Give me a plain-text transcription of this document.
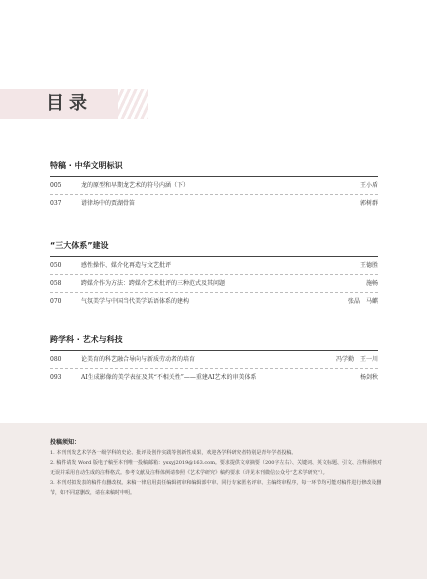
目录
特稿 · 中华文明标识
005	龙的原型和早期龙艺术的符号内涵（下）	王小盾
037	谱律场中的贾湖骨笛	郭树群
“三大体系”建设
050	感性操作、媒介化再造与文艺批评	王德胜
058	跨媒介作为方法：跨媒介艺术批评的三种范式及其问题	施畅
070	气氛美学与中国当代美学话语体系的建构	张晶　马麒
跨学科 · 艺术与科技
080	论美育的科艺融合导向与新质劳动者的培育	冯学勤　王一川
093	AI生成影像的美学表征及其“不相关性”——重建AI艺术的审美体系	杨剑秋
投稿须知：

1. 本刊刊发艺术学各一级学科的史论、批评及创作实践等创新性成果，欢迎各学科研究者特别是青年学者投稿。

2. 稿件请发 Word 版电子稿至本刊唯一投稿邮箱：ysxyj2019@163.com。要求提供文章摘要（200字左右）、关键词、英文标题、引文、注释须核对无误并采用自动生成的注释格式。参考文献及注释体例请参照《艺术学研究》稿约要求（详见本刊微信公众号“艺术学研究”）。

3. 本刊对拟发表的稿件有删改权。来稿一律启用责任编辑初审和编辑部中审、同行专家匿名评审、主编终审程序，每一环节均可能对稿件进行修改及删节，如不同意删改，请在来稿时申明。
